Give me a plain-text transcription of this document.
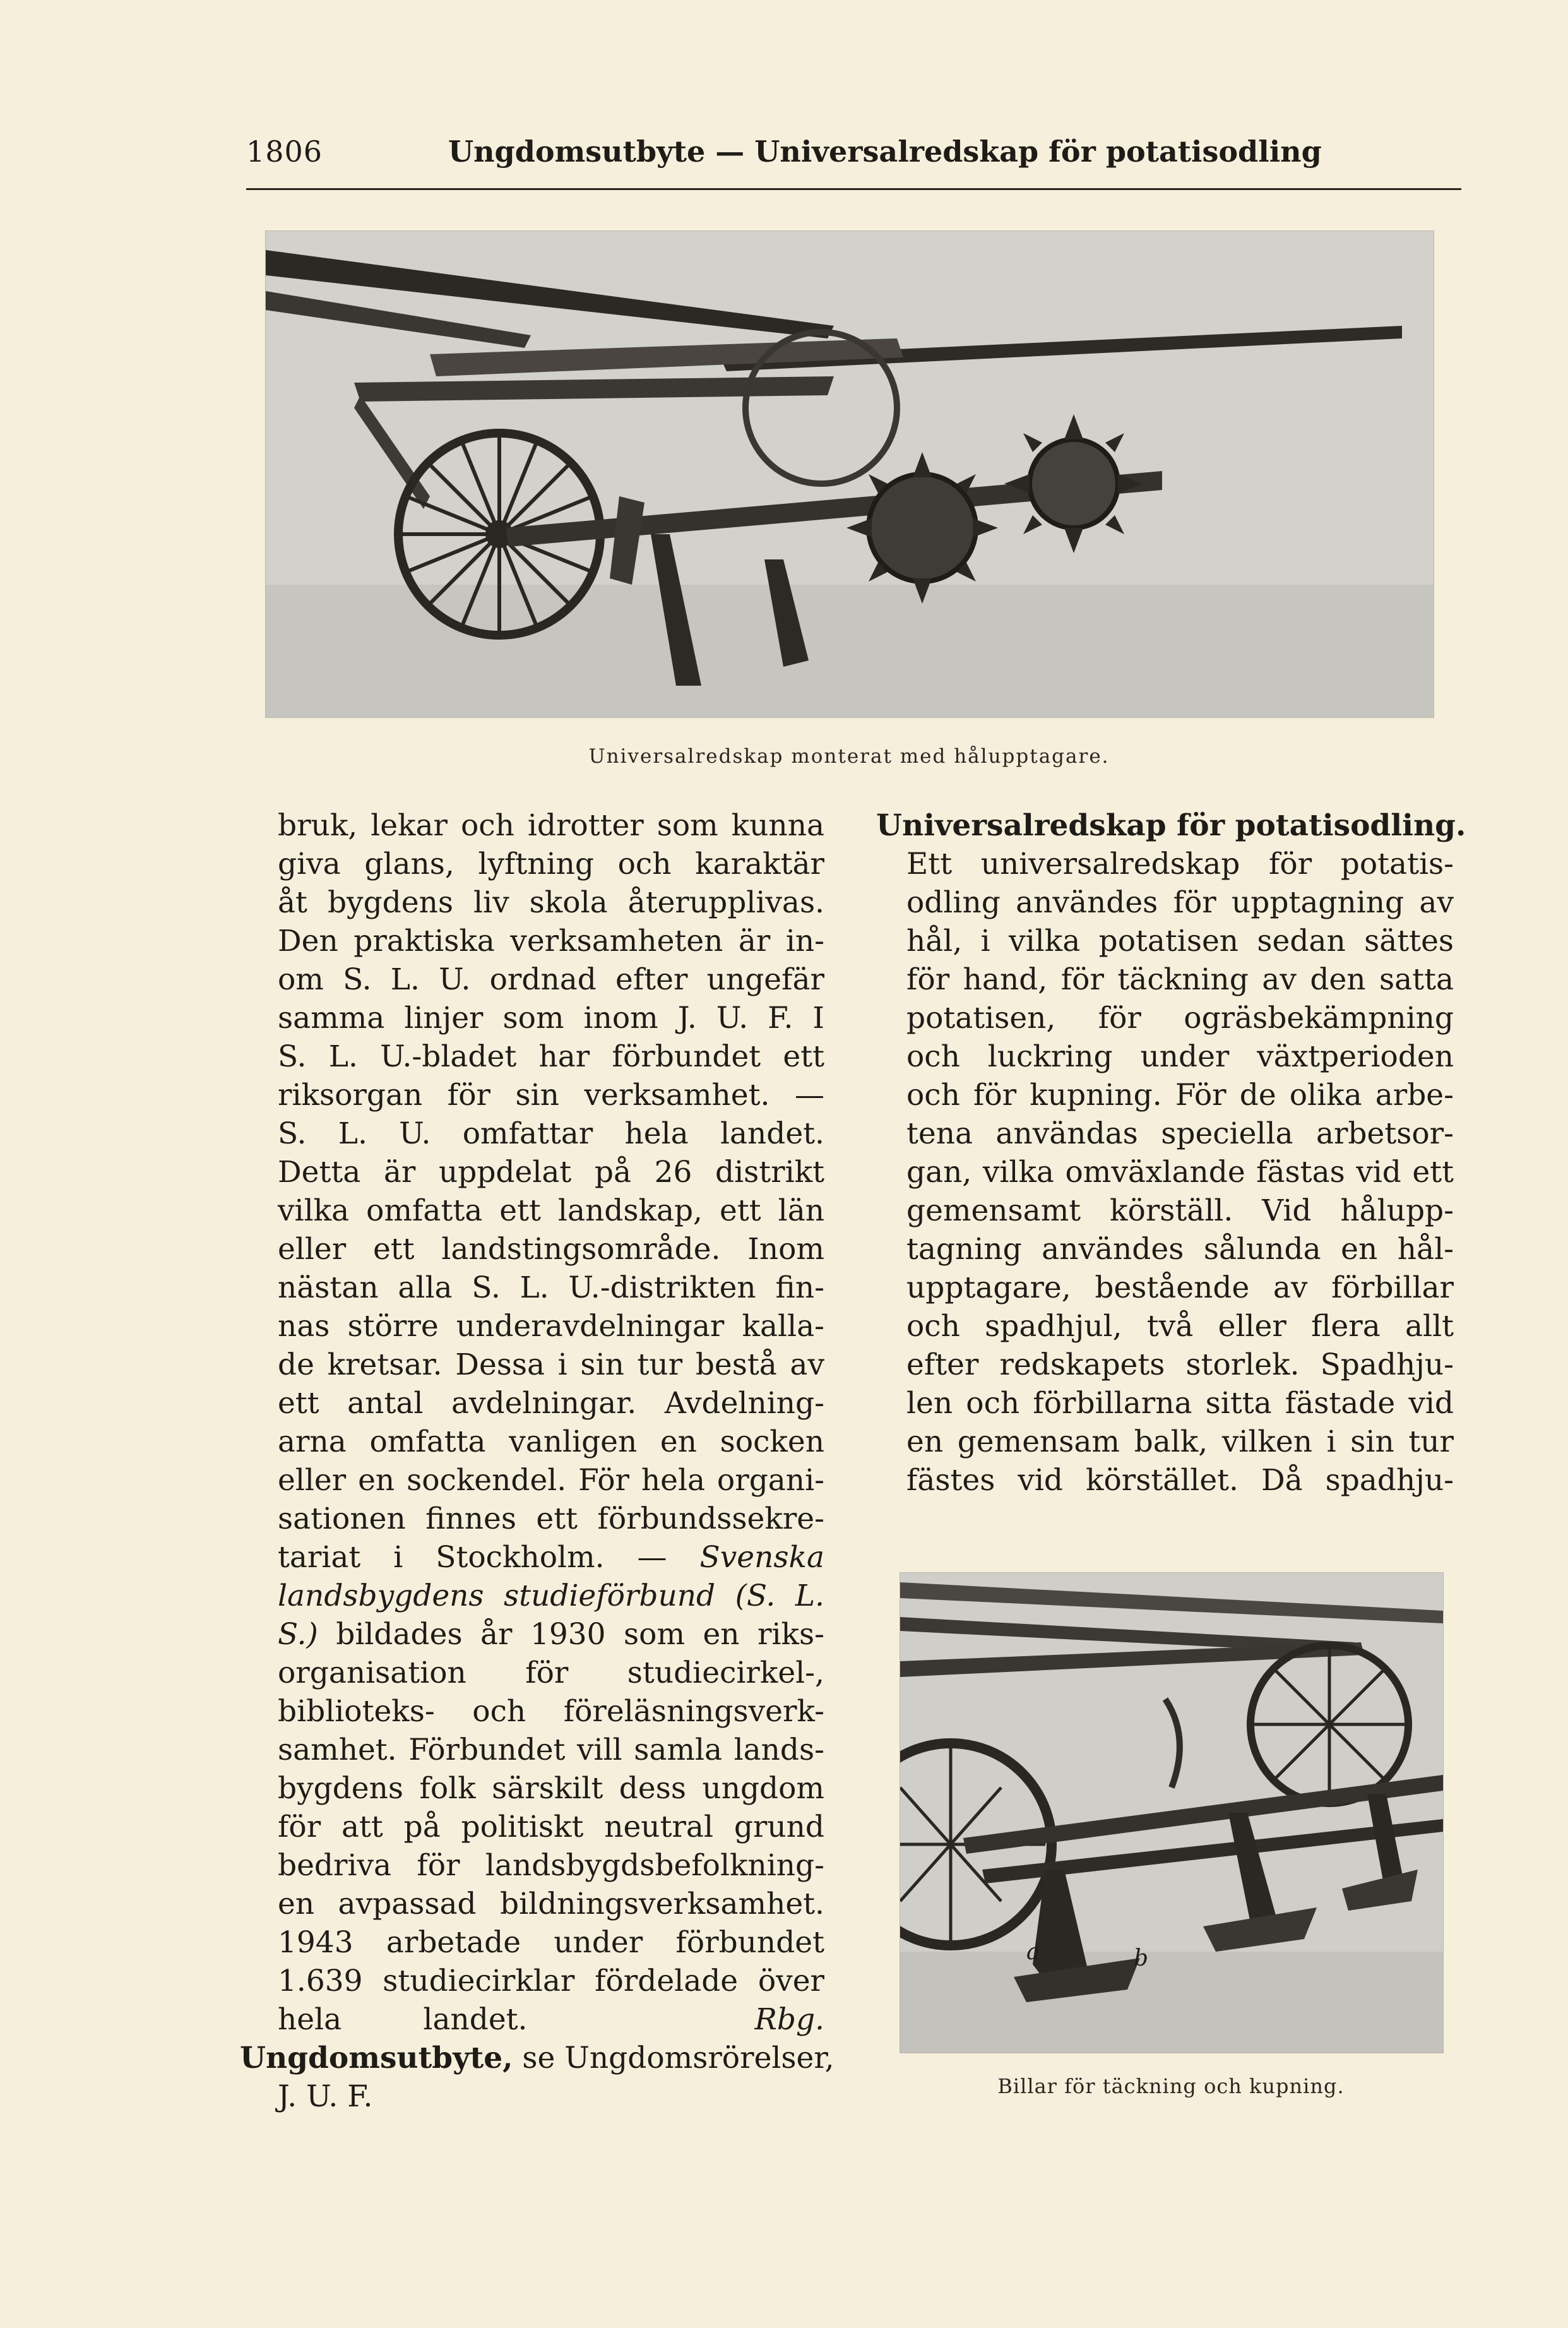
1806	Ungdomsutbyte — Universalredskap för potatisodling
Universalredskap monterat med hålupptagare.
bruk, lekar och idrotter som kunna
giva glans, lyftning och karaktär
åt bygdens liv skola återupplivas.
Den praktiska verksamheten är in-
om S. L. U. ordnad efter ungefär
samma linjer som inom J. U. F. I
S. L. U.-bladet har förbundet ett
riksorgan för sin verksamhet. —
S. L. U. omfattar hela landet.
Detta är uppdelat på 26 distrikt
vilka omfatta ett landskap, ett län
eller ett landstingsområde. Inom
nästan alla S. L. U.-distrikten fin-
nas större underavdelningar kalla-
de kretsar. Dessa i sin tur bestå av
ett antal avdelningar. Avdelning-
arna omfatta vanligen en socken
eller en sockendel. För hela organi-
sationen finnes ett förbundssekre-
tariat i Stockholm. — Svenska
landsbygdens studieförbund (S. L.
S.) bildades år 1930 som en riks-
organisation för studiecirkel-,
biblioteks- och föreläsningsverk-
samhet. Förbundet vill samla lands-
bygdens folk särskilt dess ungdom
för att på politiskt neutral grund
bedriva för landsbygdsbefolkning-
en avpassad bildningsverksamhet.
1943 arbetade under förbundet
1.639 studiecirklar fördelade över
hela landet.	Rbg.
Ungdomsutbyte, se Ungdomsrörelser,
J. U. F.
Universalredskap för potatisodling.
Ett universalredskap för potatis-
odling användes för upptagning av
hål, i vilka potatisen sedan sättes
för hand, för täckning av den satta
potatisen, för ogräsbekämpning
och luckring under växtperioden
och för kupning. För de olika arbe-
tena användas speciella arbetsor-
gan, vilka omväxlande fästas vid ett
gemensamt körställ. Vid hålupp-
tagning användes sålunda en hål-
upptagare, bestående av förbillar
och spadhjul, två eller flera allt
efter redskapets storlek. Spadhju-
len och förbillarna sitta fästade vid
en gemensam balk, vilken i sin tur
fästes vid körstället. Då spadhju-
a	b
Billar för täckning och kupning.
